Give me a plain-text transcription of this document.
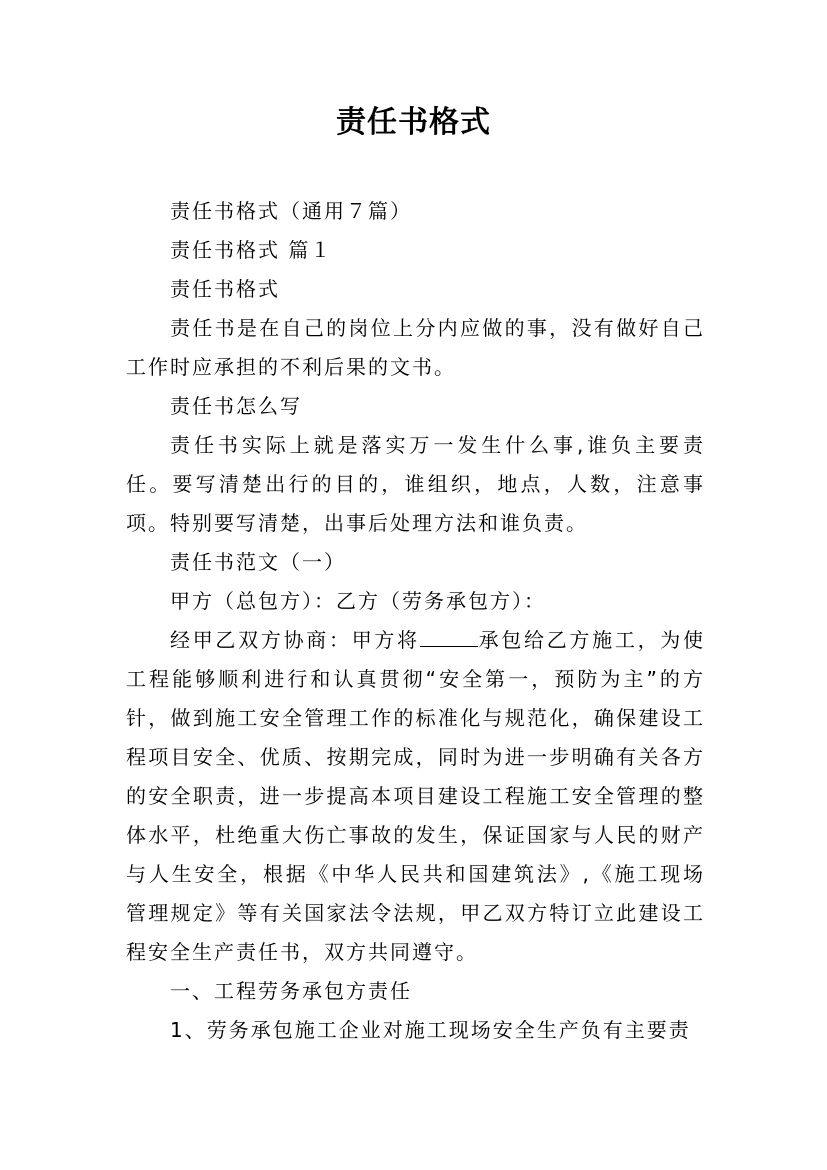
责任书格式

责任书格式（通用７篇）

责任书格式 篇１

责任书格式

责任书是在自己的岗位上分内应做的事，没有做好自己工作时应承担的不利后果的文书。

责任书怎么写

责任书实际上就是落实万一发生什么事,谁负主要责任。要写清楚出行的目的，谁组织，地点，人数，注意事项。特别要写清楚，出事后处理方法和谁负责。

责任书范文（一）

甲方（总包方）：乙方（劳务承包方）：

经甲乙双方协商：甲方将	承包给乙方施工，为使工程能够顺利进行和认真贯彻“安全第一，预防为主”的方针，做到施工安全管理工作的标准化与规范化，确保建设工程项目安全、优质、按期完成，同时为进一步明确有关各方的安全职责，进一步提高本项目建设工程施工安全管理的整体水平，杜绝重大伤亡事故的发生，保证国家与人民的财产与人生安全，根据《中华人民共和国建筑法》,《施工现场管理规定》等有关国家法令法规，甲乙双方特订立此建设工程安全生产责任书，双方共同遵守。

一、工程劳务承包方责任

1、劳务承包施工企业对施工现场安全生产负有主要责
